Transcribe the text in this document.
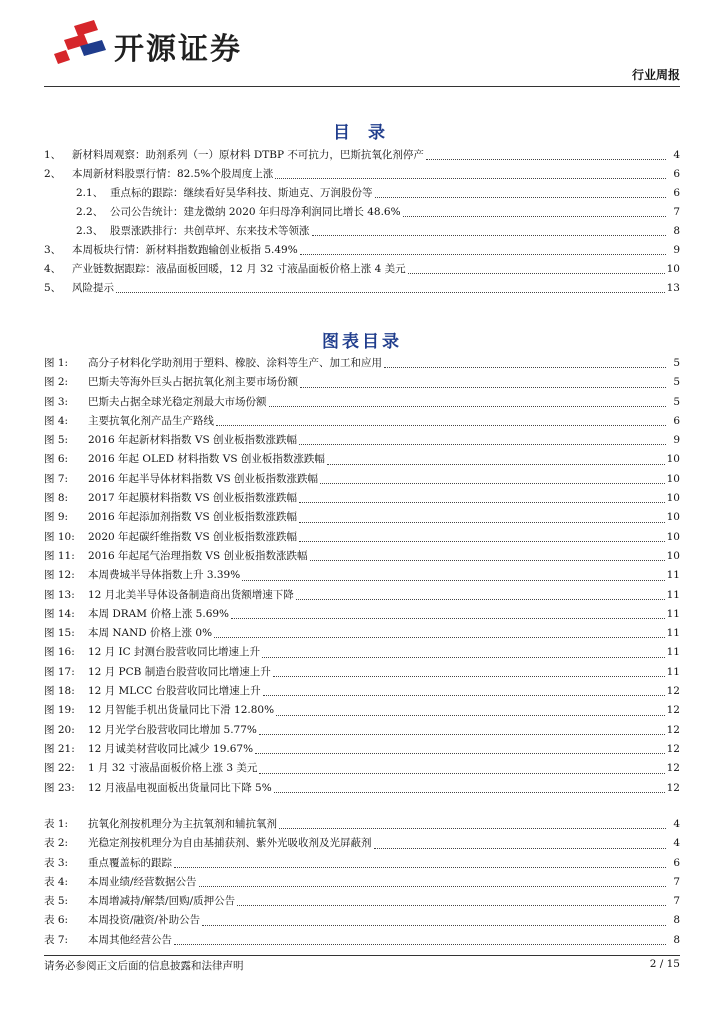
开源证券
行业周报
目 录
1、	新材料周观察：助剂系列（一）原材料 DTBP 不可抗力，巴斯抗氧化剂停产	4
2、	本周新材料股票行情：82.5%个股周度上涨	6
2.1、 重点标的跟踪：继续看好昊华科技、斯迪克、万润股份等	6
2.2、 公司公告统计：建龙微纳 2020 年归母净利润同比增长 48.6%	7
2.3、 股票涨跌排行：共创草坪、东来技术等领涨	8
3、	本周板块行情：新材料指数跑输创业板指 5.49%	9
4、	产业链数据跟踪：液晶面板回暖，12 月 32 寸液晶面板价格上涨 4 美元	10
5、	风险提示	13
图表目录
图 1:	高分子材料化学助剂用于塑料、橡胶、涂料等生产、加工和应用	5
图 2:	巴斯夫等海外巨头占据抗氧化剂主要市场份额	5
图 3:	巴斯夫占据全球光稳定剂最大市场份额	5
图 4:	主要抗氧化剂产品生产路线	6
图 5:	2016 年起新材料指数 VS 创业板指数涨跌幅	9
图 6:	2016 年起 OLED 材料指数 VS 创业板指数涨跌幅	10
图 7:	2016 年起半导体材料指数 VS 创业板指数涨跌幅	10
图 8:	2017 年起膜材料指数 VS 创业板指数涨跌幅	10
图 9:	2016 年起添加剂指数 VS 创业板指数涨跌幅	10
图 10:	2020 年起碳纤维指数 VS 创业板指数涨跌幅	10
图 11:	2016 年起尾气治理指数 VS 创业板指数涨跌幅	10
图 12:	本周费城半导体指数上升 3.39%	11
图 13:	12 月北美半导体设备制造商出货额增速下降	11
图 14:	本周 DRAM 价格上涨 5.69%	11
图 15:	本周 NAND 价格上涨 0%	11
图 16:	12 月 IC 封测台股营收同比增速上升	11
图 17:	12 月 PCB 制造台股营收同比增速上升	11
图 18:	12 月 MLCC 台股营收同比增速上升	12
图 19:	12 月智能手机出货量同比下滑 12.80%	12
图 20:	12 月光学台股营收同比增加 5.77%	12
图 21:	12 月诚美材营收同比减少 19.67%	12
图 22:	1 月 32 寸液晶面板价格上涨 3 美元	12
图 23:	12 月液晶电视面板出货量同比下降 5%	12
表 1:	抗氧化剂按机理分为主抗氧剂和辅抗氧剂	4
表 2:	光稳定剂按机理分为自由基捕获剂、紫外光吸收剂及光屏蔽剂	4
表 3:	重点覆盖标的跟踪	6
表 4:	本周业绩/经营数据公告	7
表 5:	本周增减持/解禁/回购/质押公告	7
表 6:	本周投资/融资/补助公告	8
表 7:	本周其他经营公告	8
请务必参阅正文后面的信息披露和法律声明	2 / 15
